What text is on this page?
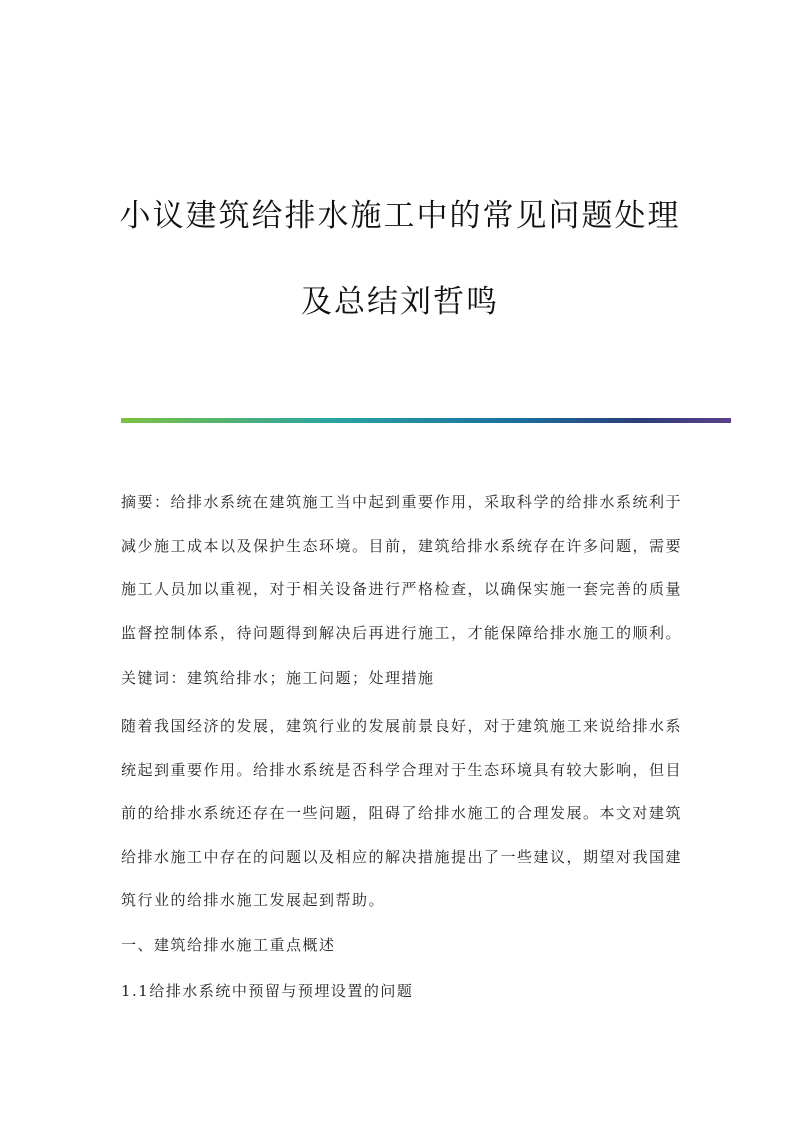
小议建筑给排水施工中的常见问题处理
及总结刘哲鸣
摘要：给排水系统在建筑施工当中起到重要作用，采取科学的给排水系统利于
减少施工成本以及保护生态环境。目前，建筑给排水系统存在许多问题，需要
施工人员加以重视，对于相关设备进行严格检查，以确保实施一套完善的质量
监督控制体系，待问题得到解决后再进行施工，才能保障给排水施工的顺利。
关键词：建筑给排水；施工问题；处理措施
随着我国经济的发展，建筑行业的发展前景良好，对于建筑施工来说给排水系
统起到重要作用。给排水系统是否科学合理对于生态环境具有较大影响，但目
前的给排水系统还存在一些问题，阻碍了给排水施工的合理发展。本文对建筑
给排水施工中存在的问题以及相应的解决措施提出了一些建议，期望对我国建
筑行业的给排水施工发展起到帮助。
一、建筑给排水施工重点概述
1.1给排水系统中预留与预埋设置的问题
